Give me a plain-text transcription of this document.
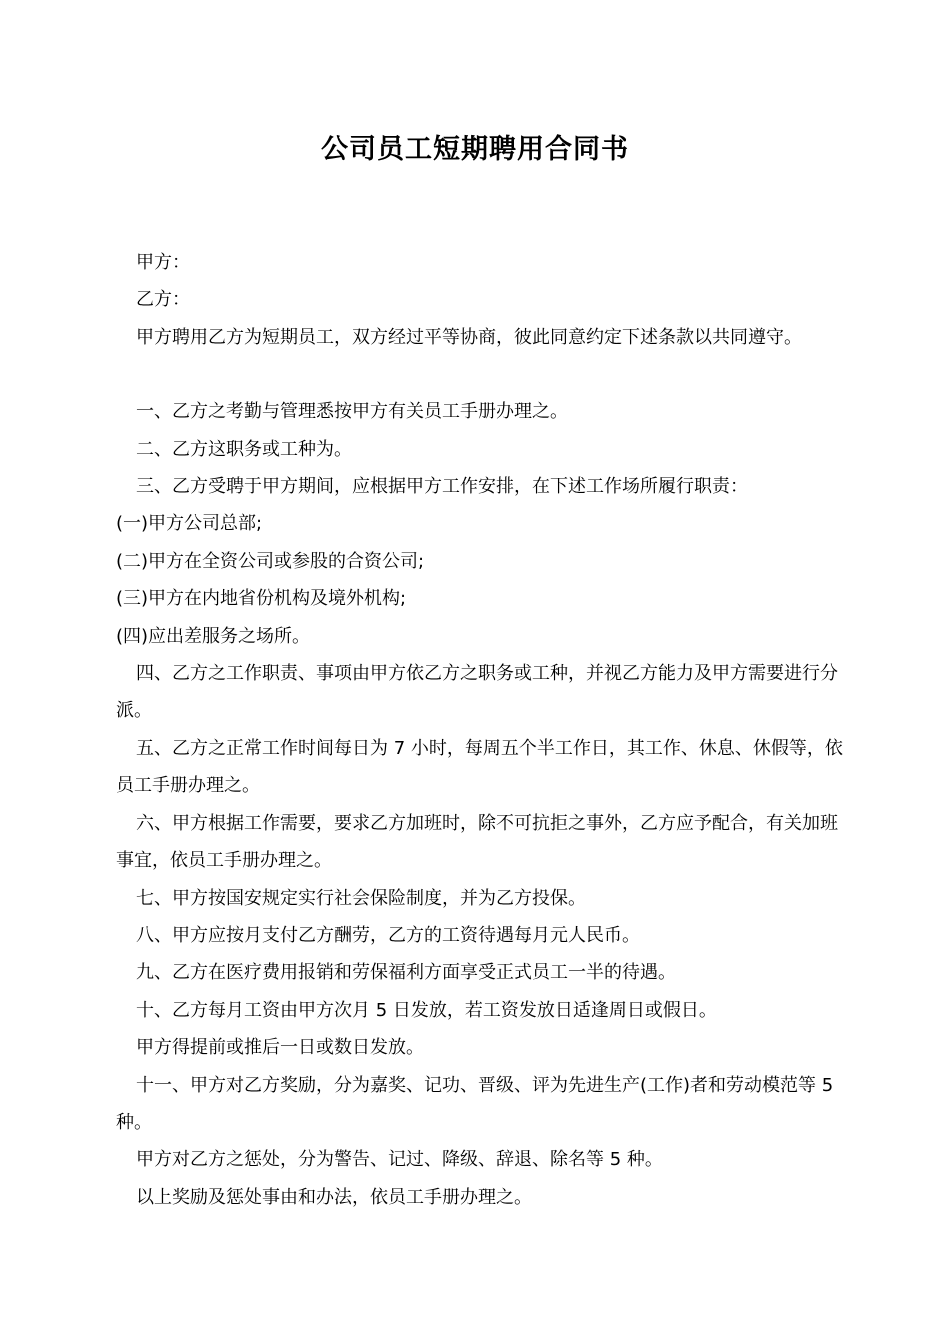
公司员工短期聘用合同书

甲方：

乙方：

甲方聘用乙方为短期员工，双方经过平等协商，彼此同意约定下述条款以共同遵守。

一、乙方之考勤与管理悉按甲方有关员工手册办理之。

二、乙方这职务或工种为。

三、乙方受聘于甲方期间，应根据甲方工作安排，在下述工作场所履行职责：

(一)甲方公司总部;

(二)甲方在全资公司或参股的合资公司;

(三)甲方在内地省份机构及境外机构;

(四)应出差服务之场所。

四、乙方之工作职责、事项由甲方依乙方之职务或工种，并视乙方能力及甲方需要进行分派。

五、乙方之正常工作时间每日为 7 小时，每周五个半工作日，其工作、休息、休假等，依员工手册办理之。

六、甲方根据工作需要，要求乙方加班时，除不可抗拒之事外，乙方应予配合，有关加班事宜，依员工手册办理之。

七、甲方按国安规定实行社会保险制度，并为乙方投保。

八、甲方应按月支付乙方酬劳，乙方的工资待遇每月元人民币。

九、乙方在医疗费用报销和劳保福利方面享受正式员工一半的待遇。

十、乙方每月工资由甲方次月 5 日发放，若工资发放日适逢周日或假日。

甲方得提前或推后一日或数日发放。

十一、甲方对乙方奖励，分为嘉奖、记功、晋级、评为先进生产(工作)者和劳动模范等 5 种。

甲方对乙方之惩处，分为警告、记过、降级、辞退、除名等 5 种。

以上奖励及惩处事由和办法，依员工手册办理之。
